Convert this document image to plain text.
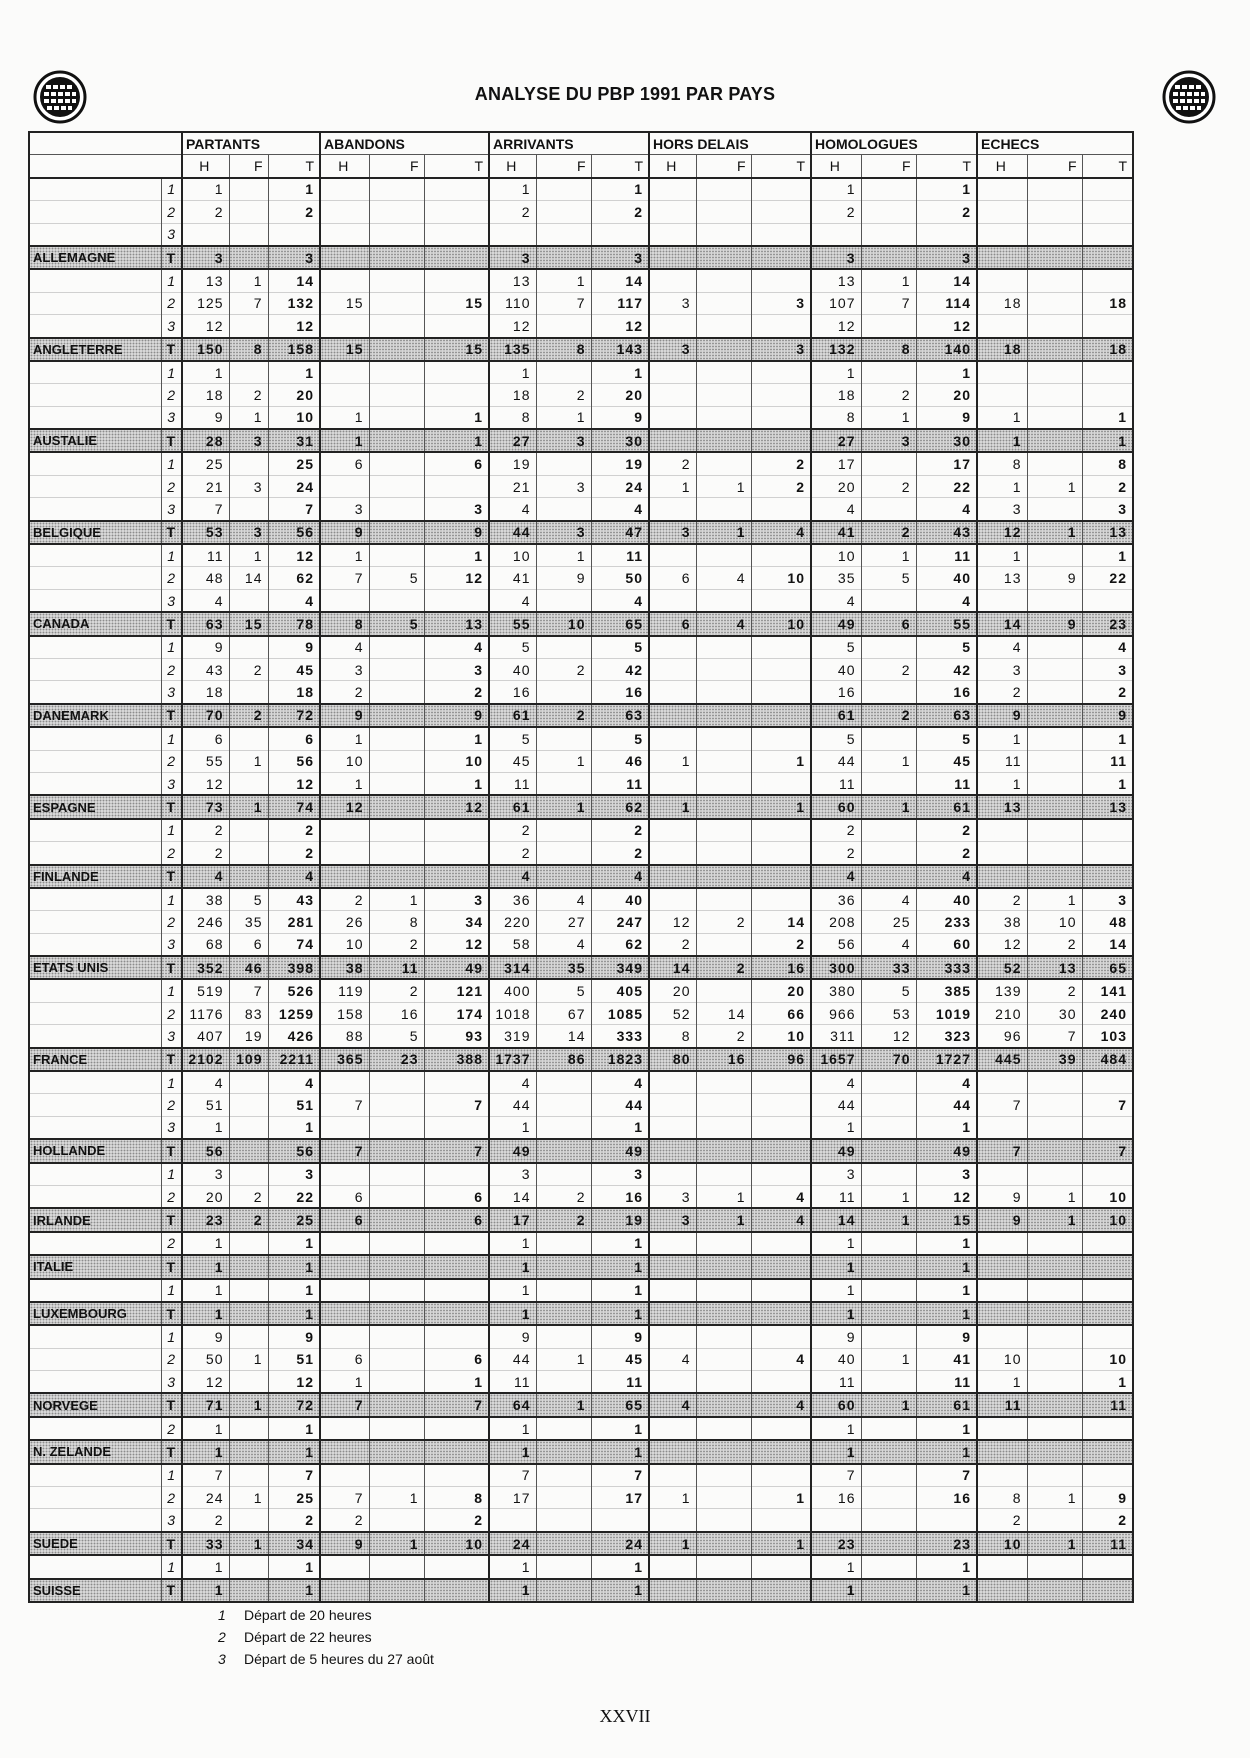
ANALYSE DU PBP 1991 PAR PAYS
		PARTANTS			ABANDONS			ARRIVANTS			HORS DELAIS			HOMOLOGUES			ECHECS		
		H	F	T	H	F	T	H	F	T	H	F	T	H	F	T	H	F	T
	1	1		1				1		1				1		1			
	2	2		2				2		2				2		2			
	3																		
ALLEMAGNE	T	3		3				3		3				3		3			
	1	13	1	14				13	1	14				13	1	14			
	2	125	7	132	15		15	110	7	117	3		3	107	7	114	18		18
	3	12		12				12		12				12		12			
ANGLETERRE	T	150	8	158	15		15	135	8	143	3		3	132	8	140	18		18
	1	1		1				1		1				1		1			
	2	18	2	20				18	2	20				18	2	20			
	3	9	1	10	1		1	8	1	9				8	1	9	1		1
AUSTALIE	T	28	3	31	1		1	27	3	30				27	3	30	1		1
	1	25		25	6		6	19		19	2		2	17		17	8		8
	2	21	3	24				21	3	24	1	1	2	20	2	22	1	1	2
	3	7		7	3		3	4		4				4		4	3		3
BELGIQUE	T	53	3	56	9		9	44	3	47	3	1	4	41	2	43	12	1	13
	1	11	1	12	1		1	10	1	11				10	1	11	1		1
	2	48	14	62	7	5	12	41	9	50	6	4	10	35	5	40	13	9	22
	3	4		4				4		4				4		4			
CANADA	T	63	15	78	8	5	13	55	10	65	6	4	10	49	6	55	14	9	23
	1	9		9	4		4	5		5				5		5	4		4
	2	43	2	45	3		3	40	2	42				40	2	42	3		3
	3	18		18	2		2	16		16				16		16	2		2
DANEMARK	T	70	2	72	9		9	61	2	63				61	2	63	9		9
	1	6		6	1		1	5		5				5		5	1		1
	2	55	1	56	10		10	45	1	46	1		1	44	1	45	11		11
	3	12		12	1		1	11		11				11		11	1		1
ESPAGNE	T	73	1	74	12		12	61	1	62	1		1	60	1	61	13		13
	1	2		2				2		2				2		2			
	2	2		2				2		2				2		2			
FINLANDE	T	4		4				4		4				4		4			
	1	38	5	43	2	1	3	36	4	40				36	4	40	2	1	3
	2	246	35	281	26	8	34	220	27	247	12	2	14	208	25	233	38	10	48
	3	68	6	74	10	2	12	58	4	62	2		2	56	4	60	12	2	14
ETATS UNIS	T	352	46	398	38	11	49	314	35	349	14	2	16	300	33	333	52	13	65
	1	519	7	526	119	2	121	400	5	405	20		20	380	5	385	139	2	141
	2	1176	83	1259	158	16	174	1018	67	1085	52	14	66	966	53	1019	210	30	240
	3	407	19	426	88	5	93	319	14	333	8	2	10	311	12	323	96	7	103
FRANCE	T	2102	109	2211	365	23	388	1737	86	1823	80	16	96	1657	70	1727	445	39	484
	1	4		4				4		4				4		4			
	2	51		51	7		7	44		44				44		44	7		7
	3	1		1				1		1				1		1			
HOLLANDE	T	56		56	7		7	49		49				49		49	7		7
	1	3		3				3		3				3		3			
	2	20	2	22	6		6	14	2	16	3	1	4	11	1	12	9	1	10
IRLANDE	T	23	2	25	6		6	17	2	19	3	1	4	14	1	15	9	1	10
	2	1		1				1		1				1		1			
ITALIE	T	1		1				1		1				1		1			
	1	1		1				1		1				1		1			
LUXEMBOURG	T	1		1				1		1				1		1			
	1	9		9				9		9				9		9			
	2	50	1	51	6		6	44	1	45	4		4	40	1	41	10		10
	3	12		12	1		1	11		11				11		11	1		1
NORVEGE	T	71	1	72	7		7	64	1	65	4		4	60	1	61	11		11
	2	1		1				1		1				1		1			
N. ZELANDE	T	1		1				1		1				1		1			
	1	7		7				7		7				7		7			
	2	24	1	25	7	1	8	17		17	1		1	16		16	8	1	9
	3	2		2	2		2										2		2
SUEDE	T	33	1	34	9	1	10	24		24	1		1	23		23	10	1	11
	1	1		1				1		1				1		1			
SUISSE	T	1		1				1		1				1		1			
1 Départ de 20 heures
2 Départ de 22 heures
3 Départ de 5 heures du 27 août
XXVII
